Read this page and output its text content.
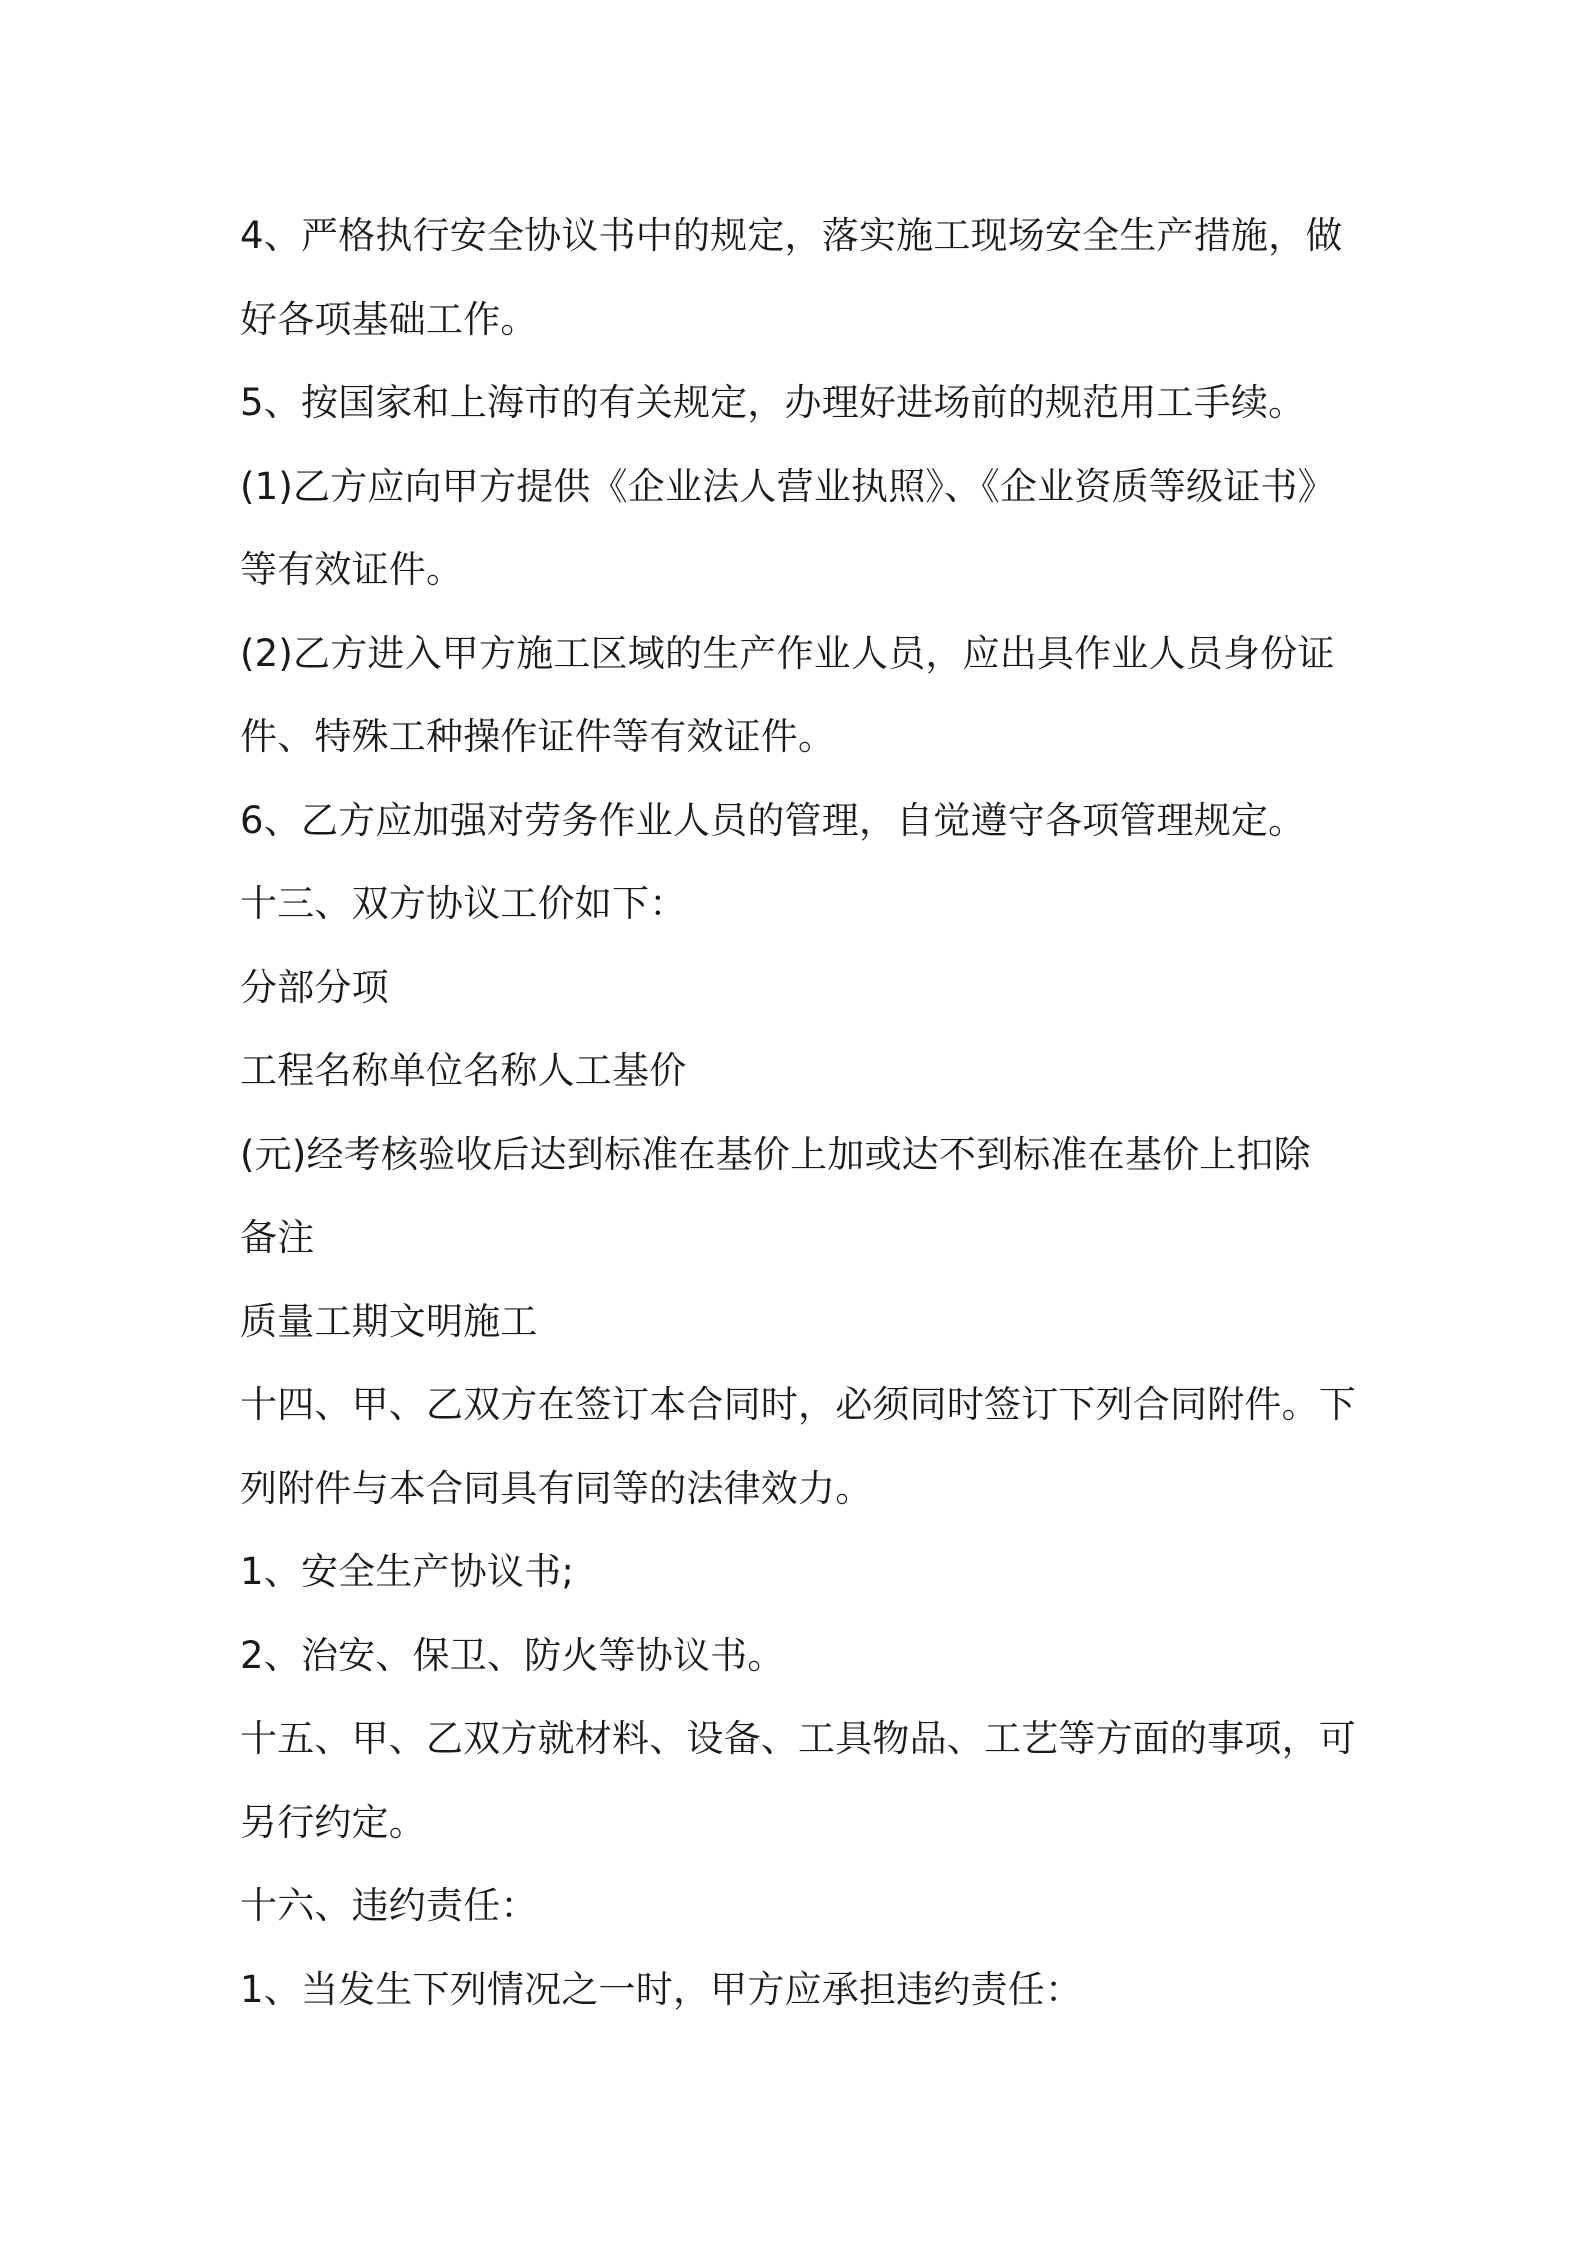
4、严格执行安全协议书中的规定，落实施工现场安全生产措施，做
好各项基础工作。
5、按国家和上海市的有关规定，办理好进场前的规范用工手续。
(1)乙方应向甲方提供《企业法人营业执照》、《企业资质等级证书》
等有效证件。
(2)乙方进入甲方施工区域的生产作业人员，应出具作业人员身份证
件、特殊工种操作证件等有效证件。
6、乙方应加强对劳务作业人员的管理，自觉遵守各项管理规定。
十三、双方协议工价如下：
分部分项
工程名称单位名称人工基价
(元)经考核验收后达到标准在基价上加或达不到标准在基价上扣除
备注
质量工期文明施工
十四、甲、乙双方在签订本合同时，必须同时签订下列合同附件。下
列附件与本合同具有同等的法律效力。
1、安全生产协议书;
2、治安、保卫、防火等协议书。
十五、甲、乙双方就材料、设备、工具物品、工艺等方面的事项，可
另行约定。
十六、违约责任：
1、当发生下列情况之一时，甲方应承担违约责任：
